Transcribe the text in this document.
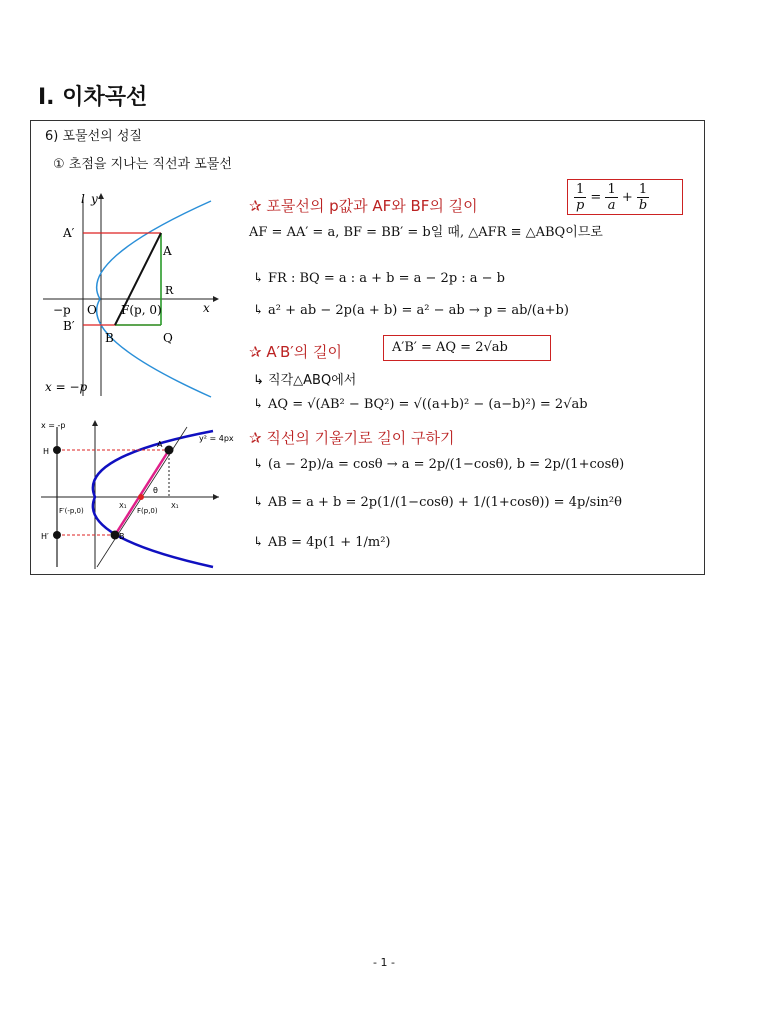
Ⅰ. 이차곡선
6) 포물선의 성질
① 초점을 지나는 직선과 포물선
l y
A′
A
R
−p O F(p, 0)	x
B′
B	Q
x = −p
x = -p
y² = 4px
H
A
θ
F′(-p,0)
X₁
F(p,0)
X₁
H′	B
✰ 포물선의 p값과 AF와 BF의 길이	$\frac{1}{p} = \frac{1}{a} + \frac{1}{b}$
AF = AA′ = a, BF = BB′ = b일 때, △AFR ≡ △ABQ이므로
↳ FR : BQ = a : a + b = a − 2p : a − b
↳ a² + ab − 2p(a + b) = a² − ab → p = ab/(a+b)
✰ A′B′의 길이	A′B′ = AQ = 2√ab
↳ 직각△ABQ에서
↳ AQ = √(AB² − BQ²) = √((a+b)² − (a−b)²) = 2√ab
✰ 직선의 기울기로 길이 구하기
↳ (a − 2p)/a = cosθ → a = 2p/(1−cosθ), b = 2p/(1+cosθ)
↳ AB = a + b = 2p(1/(1−cosθ) + 1/(1+cosθ)) = 4p/sin²θ
↳ AB = 4p(1 + 1/m²)
- 1 -
